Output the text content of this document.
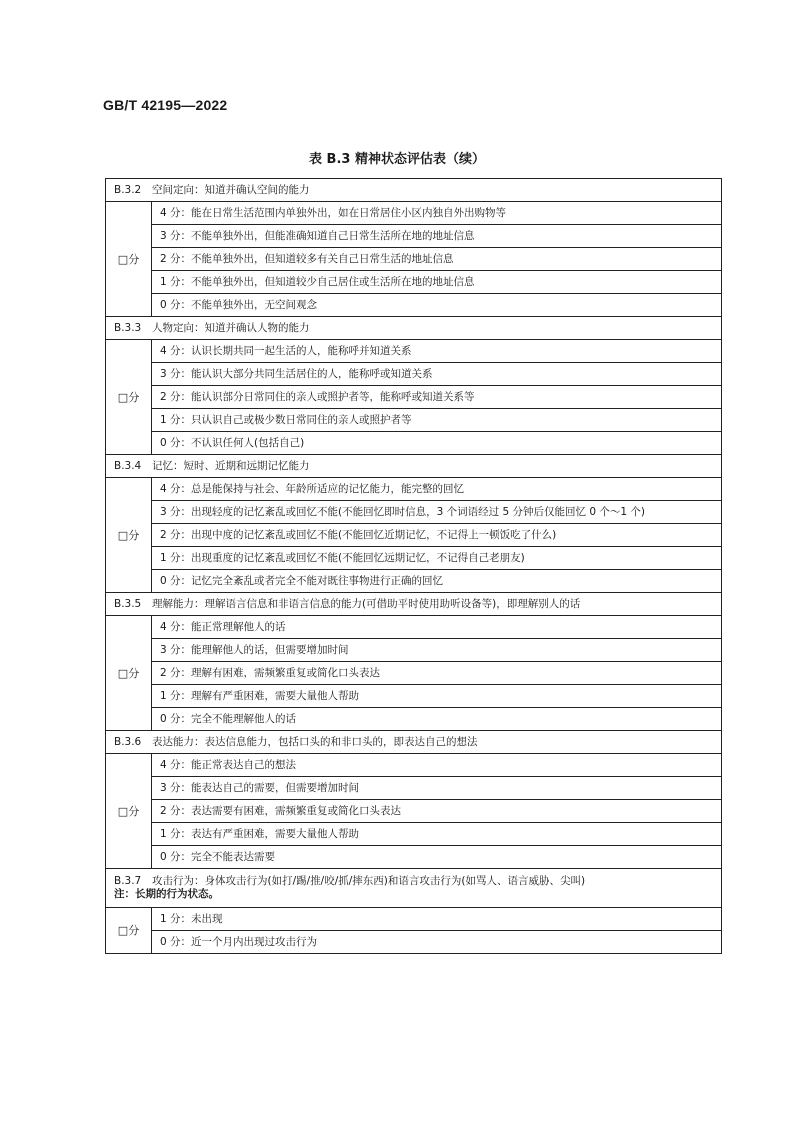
GB/T 42195—2022
表 B.3 精神状态评估表（续）
B.3.2 空间定向：知道并确认空间的能力	
□分	4 分：能在日常生活范围内单独外出，如在日常居住小区内独自外出购物等
	3 分：不能单独外出，但能准确知道自己日常生活所在地的地址信息
	2 分：不能单独外出，但知道较多有关自己日常生活的地址信息
	1 分：不能单独外出，但知道较少自己居住或生活所在地的地址信息
	0 分：不能单独外出，无空间观念
B.3.3 人物定向：知道并确认人物的能力	
□分	4 分：认识长期共同一起生活的人，能称呼并知道关系
	3 分：能认识大部分共同生活居住的人，能称呼或知道关系
	2 分：能认识部分日常同住的亲人或照护者等，能称呼或知道关系等
	1 分：只认识自己或极少数日常同住的亲人或照护者等
	0 分：不认识任何人(包括自己)
B.3.4 记忆：短时、近期和远期记忆能力	
□分	4 分：总是能保持与社会、年龄所适应的记忆能力，能完整的回忆
	3 分：出现轻度的记忆紊乱或回忆不能(不能回忆即时信息，3 个词语经过 5 分钟后仅能回忆 0 个～1 个)
	2 分：出现中度的记忆紊乱或回忆不能(不能回忆近期记忆，不记得上一顿饭吃了什么)
	1 分：出现重度的记忆紊乱或回忆不能(不能回忆远期记忆，不记得自己老朋友)
	0 分：记忆完全紊乱或者完全不能对既往事物进行正确的回忆
B.3.5 理解能力：理解语言信息和非语言信息的能力(可借助平时使用助听设备等)，即理解别人的话	
□分	4 分：能正常理解他人的话
	3 分：能理解他人的话，但需要增加时间
	2 分：理解有困难，需频繁重复或简化口头表达
	1 分：理解有严重困难，需要大量他人帮助
	0 分：完全不能理解他人的话
B.3.6 表达能力：表达信息能力，包括口头的和非口头的，即表达自己的想法	
□分	4 分：能正常表达自己的想法
	3 分：能表达自己的需要，但需要增加时间
	2 分：表达需要有困难，需频繁重复或简化口头表达
	1 分：表达有严重困难，需要大量他人帮助
	0 分：完全不能表达需要

B.3.7 攻击行为：身体攻击行为(如打/踢/推/咬/抓/摔东西)和语言攻击行为(如骂人、语言威胁、尖叫)
注：长期的行为状态。	

□分	1 分：未出现
	0 分：近一个月内出现过攻击行为
